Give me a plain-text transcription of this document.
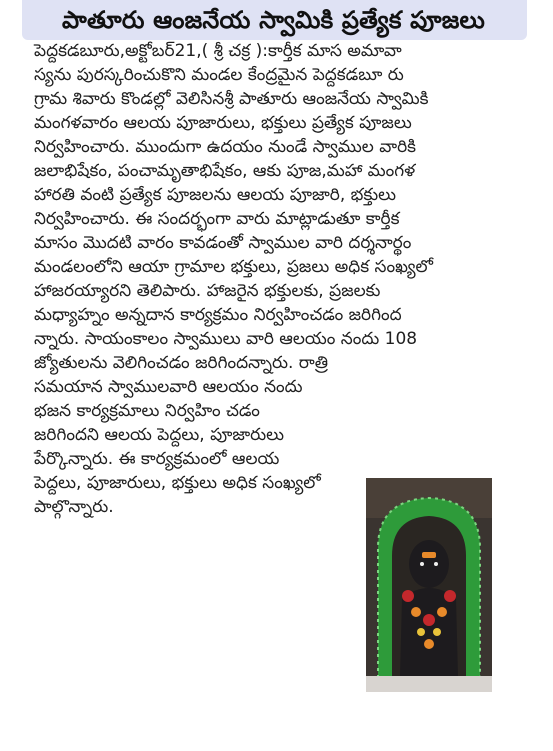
పాతూరు ఆంజనేయ స్వామికి ప్రత్యేక పూజలు

పెద్దకడబూరు,అక్టోబర్21,( శ్రీ చక్ర ):కార్తీక మాస అమావా

స్యను పురస్కరించుకొని మండల కేంద్రమైన పెద్దకడబూ రు

గ్రామ శివారు కొండల్లో వెలిసినశ్రీ పాతూరు ఆంజనేయ స్వామికి

మంగళవారం ఆలయ పూజారులు, భక్తులు ప్రత్యేక పూజలు

నిర్వహించారు. ముందుగా ఉదయం నుండే స్వాముల వారికి

జలాభిషేకం, పంచామృతాభిషేకం, ఆకు పూజ,మహా మంగళ

హారతి వంటి ప్రత్యేక పూజలను ఆలయ పూజారి, భక్తులు

నిర్వహించారు. ఈ సందర్భంగా వారు మాట్లాడుతూ కార్తీక

మాసం మొదటి వారం కావడంతో స్వాముల వారి దర్శనార్థం

మండలంలోని ఆయా గ్రామాల భక్తులు, ప్రజలు అధిక సంఖ్యలో

హాజరయ్యారని తెలిపారు. హాజరైన భక్తులకు, ప్రజలకు

మధ్యాహ్నం అన్నదాన కార్యక్రమం నిర్వహించడం జరిగింద

న్నారు. సాయంకాలం స్వాములు వారి ఆలయం నందు 108

జ్యోతులను వెలిగించడం జరిగిందన్నారు. రాత్రి

సమయాన స్వాములవారి ఆలయం నందు

భజన కార్యక్రమాలు నిర్వహిం చడం

జరిగిందని ఆలయ పెద్దలు, పూజారులు

పేర్కొన్నారు. ఈ కార్యక్రమంలో ఆలయ

పెద్దలు, పూజారులు, భక్తులు అధిక సంఖ్యలో

పాల్గొన్నారు.
